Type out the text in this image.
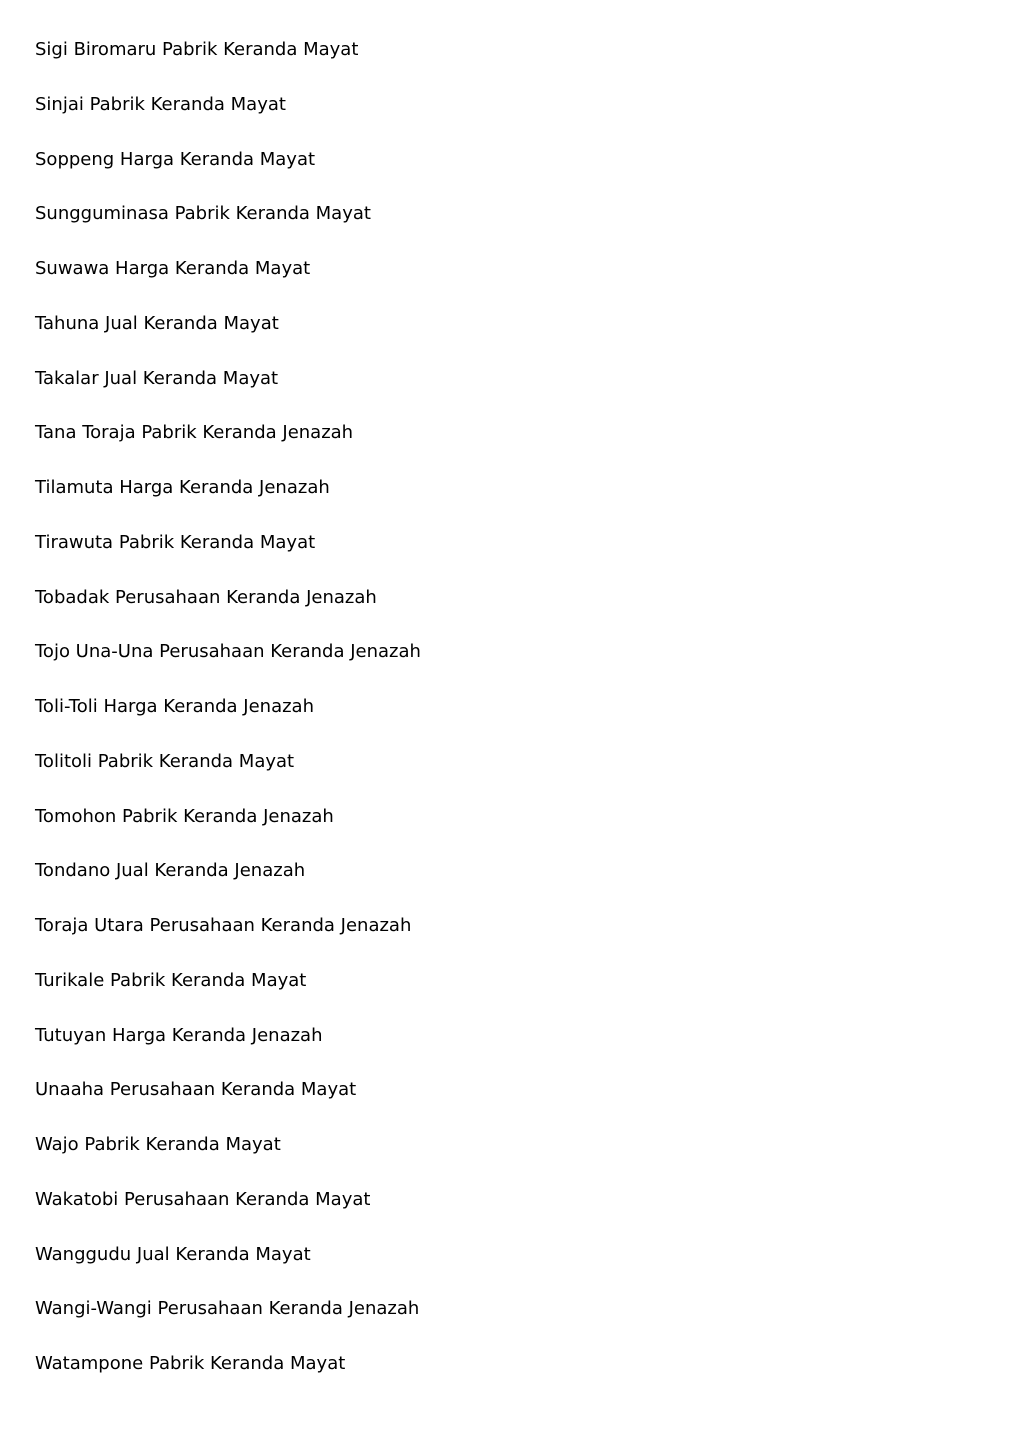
Sigi Biromaru Pabrik Keranda Mayat
Sinjai Pabrik Keranda Mayat
Soppeng Harga Keranda Mayat
Sungguminasa Pabrik Keranda Mayat
Suwawa Harga Keranda Mayat
Tahuna Jual Keranda Mayat
Takalar Jual Keranda Mayat
Tana Toraja Pabrik Keranda Jenazah
Tilamuta Harga Keranda Jenazah
Tirawuta Pabrik Keranda Mayat
Tobadak Perusahaan Keranda Jenazah
Tojo Una-Una Perusahaan Keranda Jenazah
Toli-Toli Harga Keranda Jenazah
Tolitoli Pabrik Keranda Mayat
Tomohon Pabrik Keranda Jenazah
Tondano Jual Keranda Jenazah
Toraja Utara Perusahaan Keranda Jenazah
Turikale Pabrik Keranda Mayat
Tutuyan Harga Keranda Jenazah
Unaaha Perusahaan Keranda Mayat
Wajo Pabrik Keranda Mayat
Wakatobi Perusahaan Keranda Mayat
Wanggudu Jual Keranda Mayat
Wangi-Wangi Perusahaan Keranda Jenazah
Watampone Pabrik Keranda Mayat
